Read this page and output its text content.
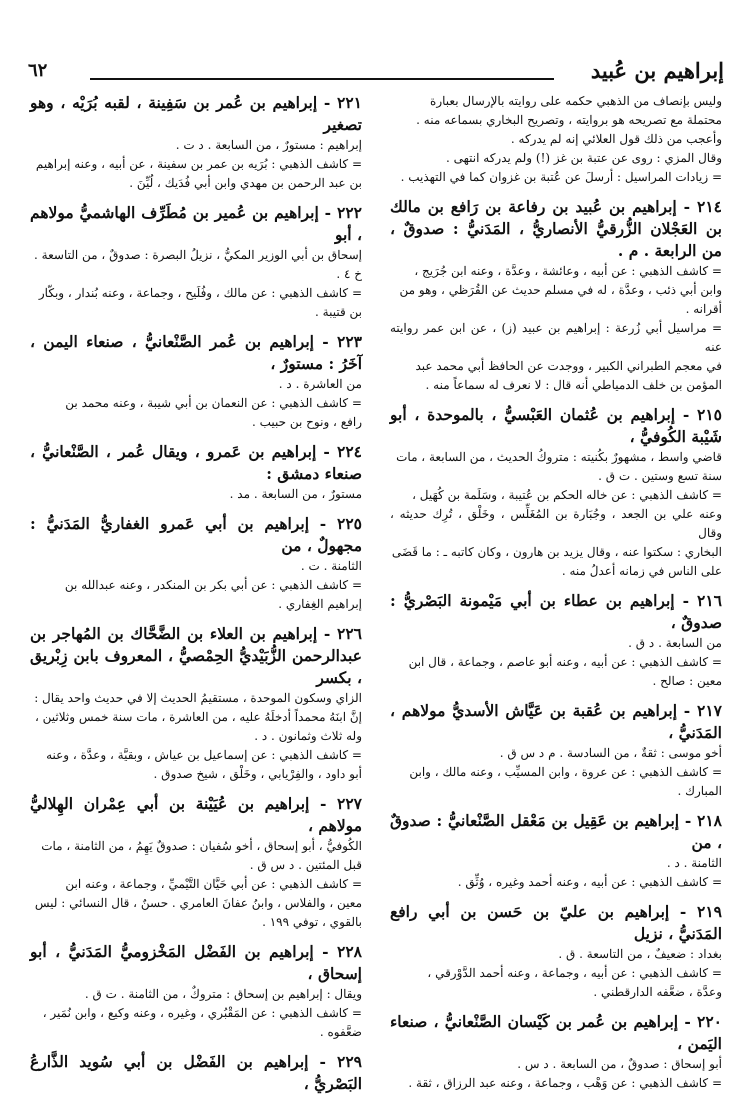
إبراهيم بن عُبيد
٦٢

وليس بإنصاف من الذهبي حكمه على روايته بالإرسال بعبارة

محتملة مع تصريحه هو بروايته ، وتصريح البخاري بسماعه منه .

وأعجب من ذلك قول العلائي إنه لم يدركه .

وقال المزي : روى عن عتبة بن غز (!) ولم يدركه انتهى .

= زيادات المراسيل : أرسلَ عن عُتبة بن غزوان كما في التهذيب .

٢١٤ - إبراهيم بن عُبيد بن رفاعة بن رَافع بن مالك بن العَجْلان الزُّرقيُّ الأنصاريُّ ، المَدَنيُّ : صدوقٌ ، من الرابعة . م .

= كاشف الذهبي : عن أبيه ، وعائشة ، وعدَّة ، وعنه ابن جُرَيج ،

وابن أبي ذئب ، وعدَّة ، له في مسلم حديث عن القُرَظي ، وهو من

أقرانه .

= مراسيل أبي زُرعة : إبراهيم بن عبيد (ز) ، عن ابن عمر روايته عنه

في معجم الطبراني الكبير ، ووجدت عن الحافظ أبي محمد عبد

المؤمن بن خلف الدمياطي أنه قال : لا نعرف له سماعاً منه .

٢١٥ - إبراهيم بن عُثمان العَبْسيُّ ، بالموحدة ، أبو شَيْبة الكُوفيُّ ،

قاضي واسط ، مشهورٌ بكُنيته : متروكُ الحديث ، من السابعة ، مات

سنة تسع وستين . ت ق .

= كاشف الذهبي : عن خاله الحكم بن عُتيبة ، وسَلَمة بن كُهَيل ،

وعنه علي بن الجعد ، وجُبَارة بن المُغَلِّس ، وخَلْق ، تُرِك حديثه ، وقال

البخاري : سكتوا عنه ، وقال يزيد بن هارون ، وكان كاتبه ـ : ما قَضَى

على الناس في زمانه أعدلُ منه .

٢١٦ - إبراهيم بن عطاء بن أبي مَيْمونة البَصْريُّ : صدوقٌ ،

من السابعة . د ق .

= كاشف الذهبي : عن أبيه ، وعنه أبو عاصم ، وجماعة ، قال ابن

معين : صالح .

٢١٧ - إبراهيم بن عُقبة بن عَيَّاش الأسديُّ مولاهم ، المَدَنيُّ ،

أخو موسى : ثقةٌ ، من السادسة . م د س ق .

= كاشف الذهبي : عن عروة ، وابن المسيِّب ، وعنه مالك ، وابن

المبارك .

٢١٨ - إبراهيم بن عَقِيل بن مَعْقل الصَّنْعانيُّ : صدوقٌ ، من

الثامنة . د .

= كاشف الذهبي : عن أبيه ، وعنه أحمد وغيره ، وُثِّق .

٢١٩ - إبراهيم بن عليّ بن حَسن بن أبي رافع المَدَنيُّ ، نزيل

بغداد : ضعيفٌ ، من التاسعة . ق .

= كاشف الذهبي : عن أبيه ، وجماعة ، وعنه أحمد الدَّوْرقي ،

وعدَّة ، ضعَّفه الدارقطني .

٢٢٠ - إبراهيم بن عُمر بن كَيْسان الصَّنْعانيُّ ، صنعاء اليَمن ،

أبو إسحاق : صدوقٌ ، من السابعة . د س .

= كاشف الذهبي : عن وَهْب ، وجماعة ، وعنه عبد الرزاق ، ثقة .

٢٢١ - إبراهيم بن عُمر بن سَفِينة ، لقبه بُرَيْه ، وهو تصغير

إبراهيم : مستورٌ ، من السابعة . د ت .

= كاشف الذهبي : بُرَيه بن عمر بن سفينة ، عن أبيه ، وعنه إبراهيم

بن عبد الرحمن بن مهدي وابن أبي فُدَيك ، لُيِّنَ .

٢٢٢ - إبراهيم بن عُمير بن مُطَرِّف الهاشميُّ مولاهم ، أبو

إسحاق بن أبي الوزير المكيُّ ، نزيلُ البصرة : صدوقٌ ، من التاسعة .

خ ٤ .

= كاشف الذهبي : عن مالك ، وفُلَيح ، وجماعة ، وعنه بُندار ، وبكّار

بن قتيبة .

٢٢٣ - إبراهيم بن عُمر الصَّنْعانيُّ ، صنعاء اليمن ، آخَرُ : مستورٌ ،

من العاشرة . د .

= كاشف الذهبي : عن النعمان بن أبي شيبة ، وعنه محمد بن

رافع ، ونوح بن حبيب .

٢٢٤ - إبراهيم بن عَمرو ، ويقال عُمر ، الصَّنْعانيُّ ، صنعاء دمشق :

مستورٌ ، من السابعة . مد .

٢٢٥ - إبراهيم بن أبي عَمرو الغفاريُّ المَدَنيُّ : مجهولٌ ، من

الثامنة . ت .

= كاشف الذهبي : عن أبي بكر بن المنكدر ، وعنه عبدالله بن

إبراهيم الغِفاري .

٢٢٦ - إبراهيم بن العلاء بن الضَّحَّاك بن المُهاجر بن عبدالرحمن الزُّبَيْديُّ الحِمْصيُّ ، المعروف بابن زِبْريق ، بكسر

الزاي وسكون الموحدة ، مستقيمُ الحديث إلا في حديث واحد يقال :

إنَّ ابنَهُ محمداً أدخلَهُ عليه ، من العاشرة ، مات سنة خمس وثلاثين ،

وله ثلاث وثمانون . د .

= كاشف الذهبي : عن إسماعيل بن عياش ، وبقيَّة ، وعدَّة ، وعنه

أبو داود ، والفِرْيابي ، وخَلْق ، شيخ صدوق .

٢٢٧ - إبراهيم بن عُيَيْنة بن أبي عِمْران الهِلاليُّ مولاهم ،

الكُوفيُّ ، أبو إسحاق ، أخو سُفيان : صدوقٌ يَهِمُ ، من الثامنة ، مات

قبل المئتين . د س ق .

= كاشف الذهبي : عن أبي حَيَّان التَّيْميِّ ، وجماعة ، وعنه ابن

معين ، والفلاس ، وابنُ عفانَ العامري . حسنٌ ، قال النسائي : ليس

بالقوي ، توفي ١٩٩ .

٢٢٨ - إبراهيم بن الفَضْل المَخْزوميُّ المَدَنيُّ ، أبو إسحاق ،

ويقال : إبراهيم بن إسحاق : متروكٌ ، من الثامنة . ت ق .

= كاشف الذهبي : عن المَقْبُري ، وغيره ، وعنه وكيع ، وابن نُمَير ،

ضعَّفوه .

٢٢٩ - إبراهيم بن الفَضْل بن أبي سُويد الذَّارعُ البَصْريُّ ،
